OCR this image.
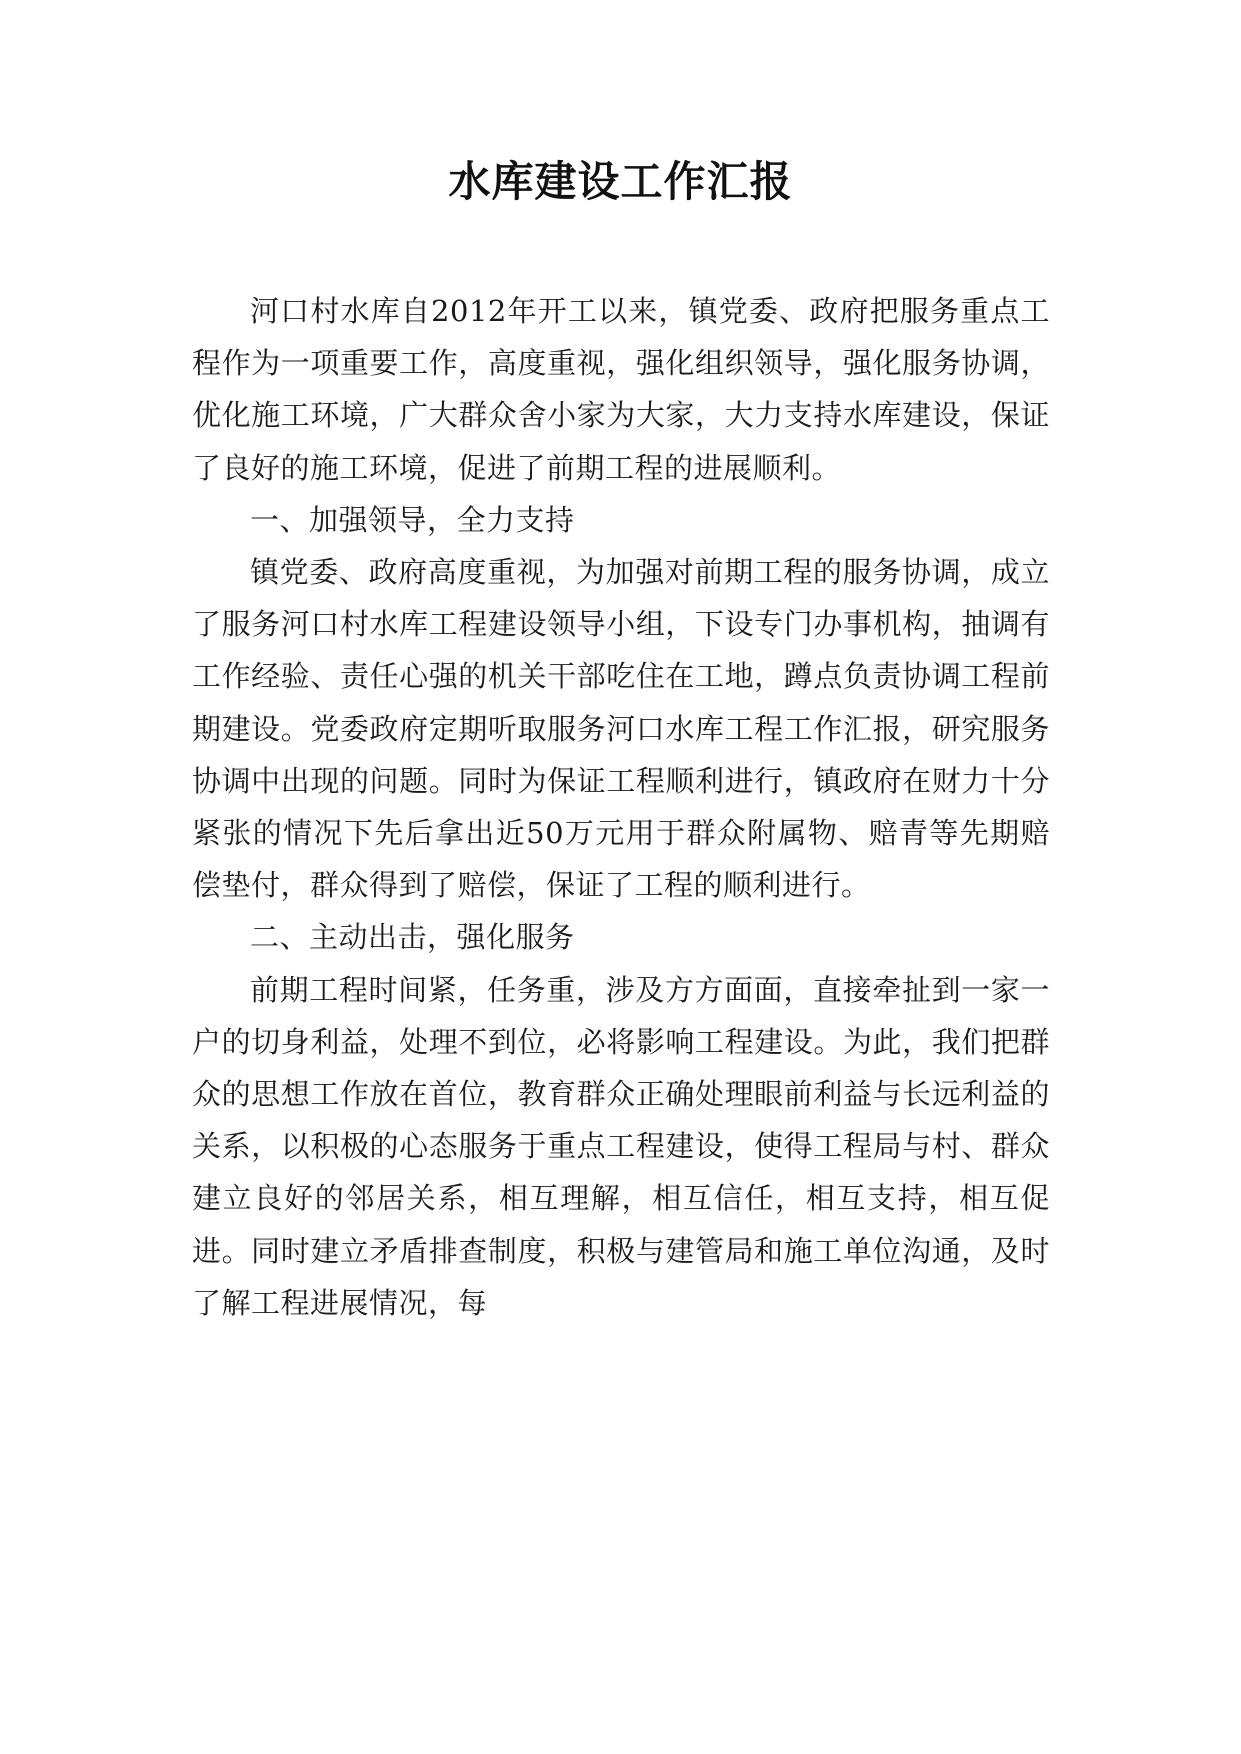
水库建设工作汇报

河口村水库自2012年开工以来，镇党委、政府把服务重点工程作为一项重要工作，高度重视，强化组织领导，强化服务协调，优化施工环境，广大群众舍小家为大家，大力支持水库建设，保证了良好的施工环境，促进了前期工程的进展顺利。

一、加强领导，全力支持

镇党委、政府高度重视，为加强对前期工程的服务协调，成立了服务河口村水库工程建设领导小组，下设专门办事机构，抽调有工作经验、责任心强的机关干部吃住在工地，蹲点负责协调工程前期建设。党委政府定期听取服务河口水库工程工作汇报，研究服务协调中出现的问题。同时为保证工程顺利进行，镇政府在财力十分紧张的情况下先后拿出近50万元用于群众附属物、赔青等先期赔偿垫付，群众得到了赔偿，保证了工程的顺利进行。

二、主动出击，强化服务

前期工程时间紧，任务重，涉及方方面面，直接牵扯到一家一户的切身利益，处理不到位，必将影响工程建设。为此，我们把群众的思想工作放在首位，教育群众正确处理眼前利益与长远利益的关系，以积极的心态服务于重点工程建设，使得工程局与村、群众建立良好的邻居关系，相互理解，相互信任，相互支持，相互促进。同时建立矛盾排查制度，积极与建管局和施工单位沟通，及时了解工程进展情况，每
